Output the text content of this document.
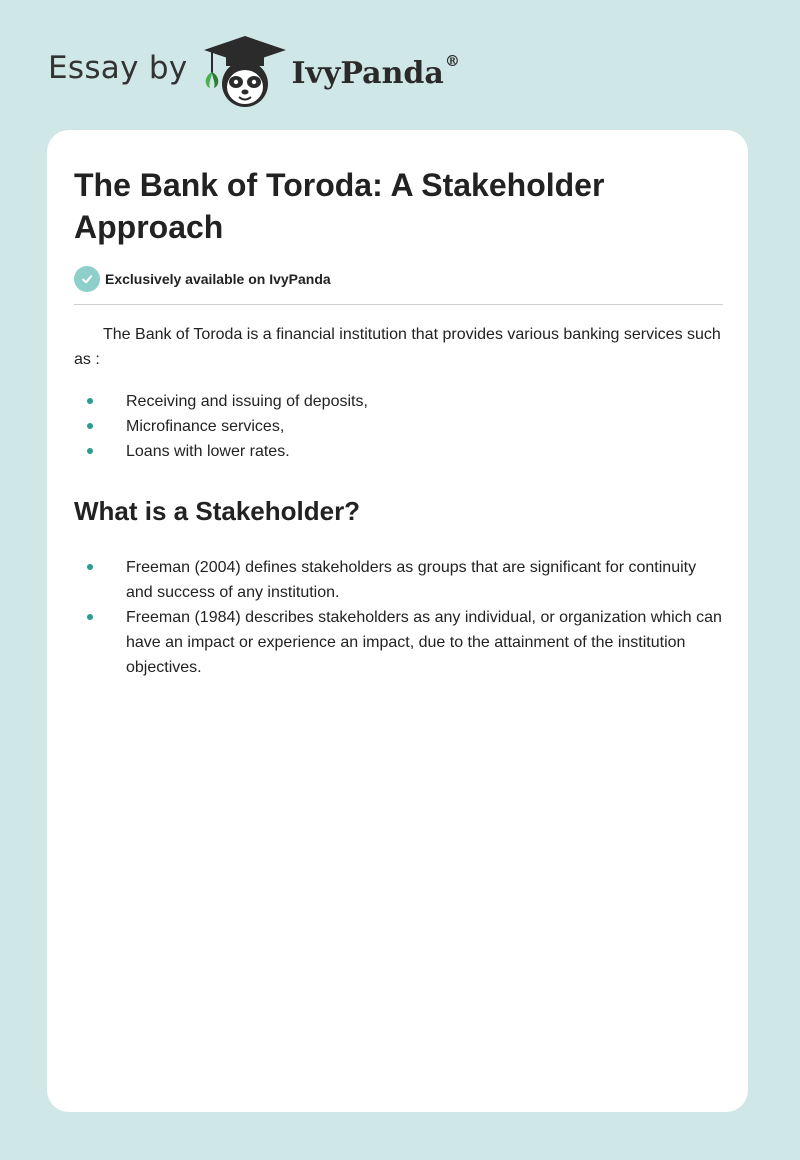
Essay by	IvyPanda®
The Bank of Toroda: A Stakeholder Approach
Exclusively available on IvyPanda

The Bank of Toroda is a financial institution that provides various banking services such as :

Receiving and issuing of deposits,
Microfinance services,
Loans with lower rates.
What is a Stakeholder?
Freeman (2004) defines stakeholders as groups that are significant for continuity and success of any institution.
Freeman (1984) describes stakeholders as any individual, or organization which can have an impact or experience an impact, due to the attainment of the institution objectives.
